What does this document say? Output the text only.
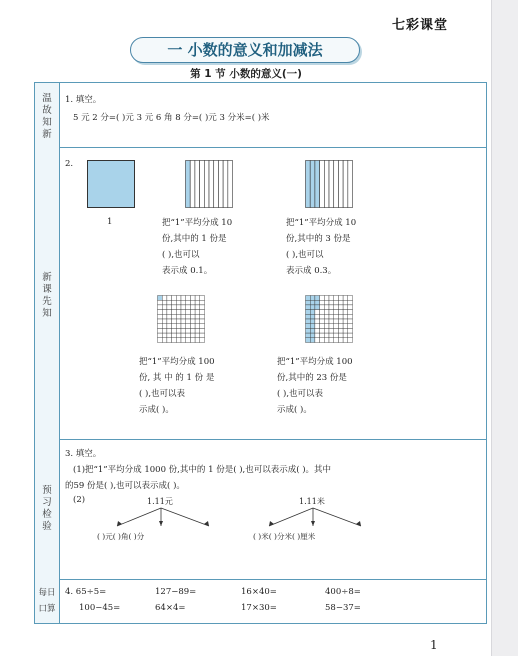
七彩课堂
一 小数的意义和加减法
第 1 节 小数的意义(一)
温
故
知
新
1. 填空。
5 元 2 分=( )元 3 元 6 角 8 分=( )元 3 分米=( )米
新
课
先
知
2.
1	把“1”平均分成 10
份,其中的 1 份是
( ),也可以
表示成 0.1。
把“1”平均分成 10
份,其中的 3 份是
( ),也可以
表示成 0.3。
把“1”平均分成 100
份, 其 中 的 1 份 是
( ),也可以表
示成( )。
把“1”平均分成 100
份,其中的 23 份是
( ),也可以表
示成( )。
预
习
检
验
3. 填空。
(1)把“1”平均分成 1000 份,其中的 1 份是( ),也可以表示成( )。其中
的59 份是( ),也可以表示成( )。
(2)	1.11元
( )元( )角( )分
1.11米
( )米( )分米( )厘米
每日
口算
4. 65÷5=	127−89=	16×40=	400÷8=
100−45=	64×4=	17×30=	58−37=
1
